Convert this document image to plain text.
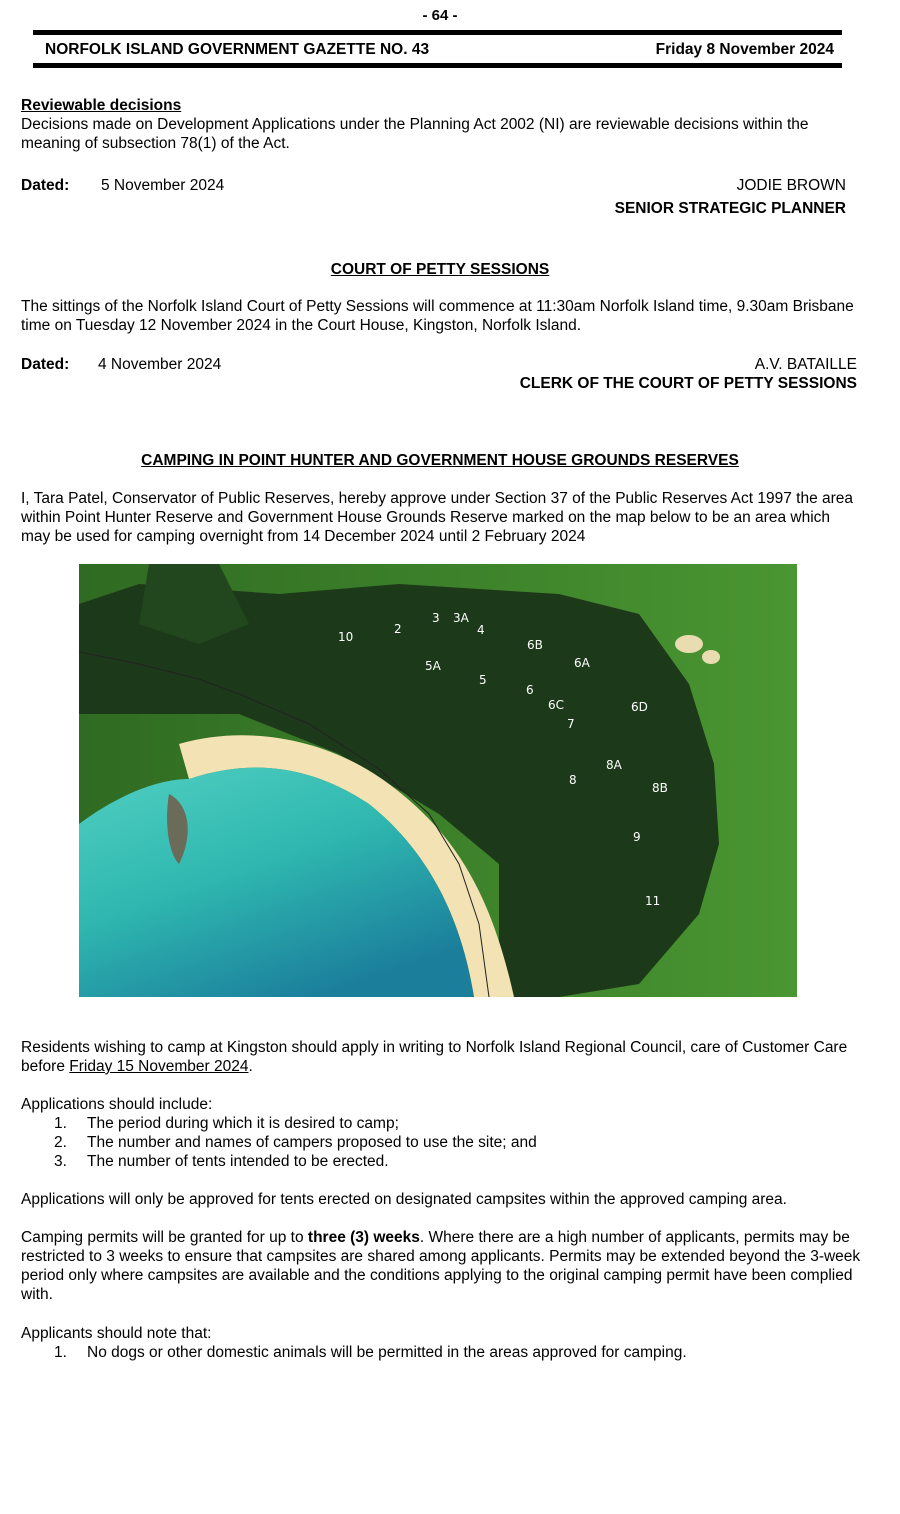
- 64 -
NORFOLK ISLAND GOVERNMENT GAZETTE NO. 43	Friday 8 November 2024
Reviewable decisions
Decisions made on Development Applications under the Planning Act 2002 (NI) are reviewable decisions within the meaning of subsection 78(1) of the Act.
Dated: 5 November 2024	JODIE BROWN
SENIOR STRATEGIC PLANNER
COURT OF PETTY SESSIONS
The sittings of the Norfolk Island Court of Petty Sessions will commence at 11:30am Norfolk Island time, 9.30am Brisbane time on Tuesday 12 November 2024 in the Court House, Kingston, Norfolk Island.
Dated: 4 November 2024	A.V. BATAILLE
CLERK OF THE COURT OF PETTY SESSIONS
CAMPING IN POINT HUNTER AND GOVERNMENT HOUSE GROUNDS RESERVES
I, Tara Patel, Conservator of Public Reserves, hereby approve under Section 37 of the Public Reserves Act 1997 the area within Point Hunter Reserve and Government House Grounds Reserve marked on the map below to be an area which may be used for camping overnight from 14 December 2024 until 2 February 2024
10
2
3 3A
4
5A
6B
6A
5
6
6C
7
6D
8A
8
8B
9
11
Residents wishing to camp at Kingston should apply in writing to Norfolk Island Regional Council, care of Customer Care before Friday 15 November 2024.
Applications should include:
1. The period during which it is desired to camp;
2. The number and names of campers proposed to use the site; and
3. The number of tents intended to be erected.
Applications will only be approved for tents erected on designated campsites within the approved camping area.
Camping permits will be granted for up to three (3) weeks. Where there are a high number of applicants, permits may be restricted to 3 weeks to ensure that campsites are shared among applicants. Permits may be extended beyond the 3-week period only where campsites are available and the conditions applying to the original camping permit have been complied with.
Applicants should note that:
1. No dogs or other domestic animals will be permitted in the areas approved for camping.
